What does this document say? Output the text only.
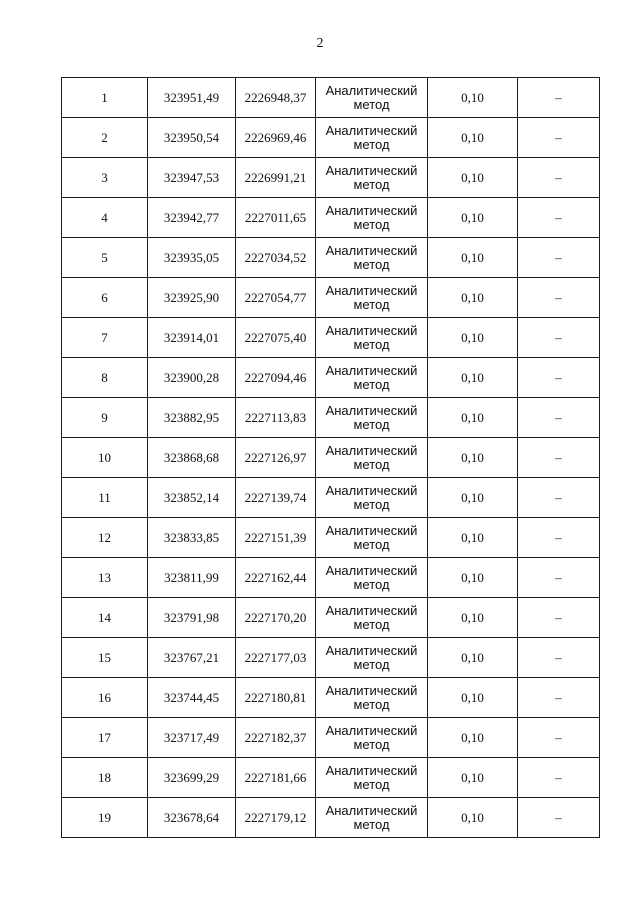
2
1	323951,49	2226948,37	Аналитический метод	0,10	–
2	323950,54	2226969,46	Аналитический метод	0,10	–
3	323947,53	2226991,21	Аналитический метод	0,10	–
4	323942,77	2227011,65	Аналитический метод	0,10	–
5	323935,05	2227034,52	Аналитический метод	0,10	–
6	323925,90	2227054,77	Аналитический метод	0,10	–
7	323914,01	2227075,40	Аналитический метод	0,10	–
8	323900,28	2227094,46	Аналитический метод	0,10	–
9	323882,95	2227113,83	Аналитический метод	0,10	–
10	323868,68	2227126,97	Аналитический метод	0,10	–
11	323852,14	2227139,74	Аналитический метод	0,10	–
12	323833,85	2227151,39	Аналитический метод	0,10	–
13	323811,99	2227162,44	Аналитический метод	0,10	–
14	323791,98	2227170,20	Аналитический метод	0,10	–
15	323767,21	2227177,03	Аналитический метод	0,10	–
16	323744,45	2227180,81	Аналитический метод	0,10	–
17	323717,49	2227182,37	Аналитический метод	0,10	–
18	323699,29	2227181,66	Аналитический метод	0,10	–
19	323678,64	2227179,12	Аналитический метод	0,10	–
